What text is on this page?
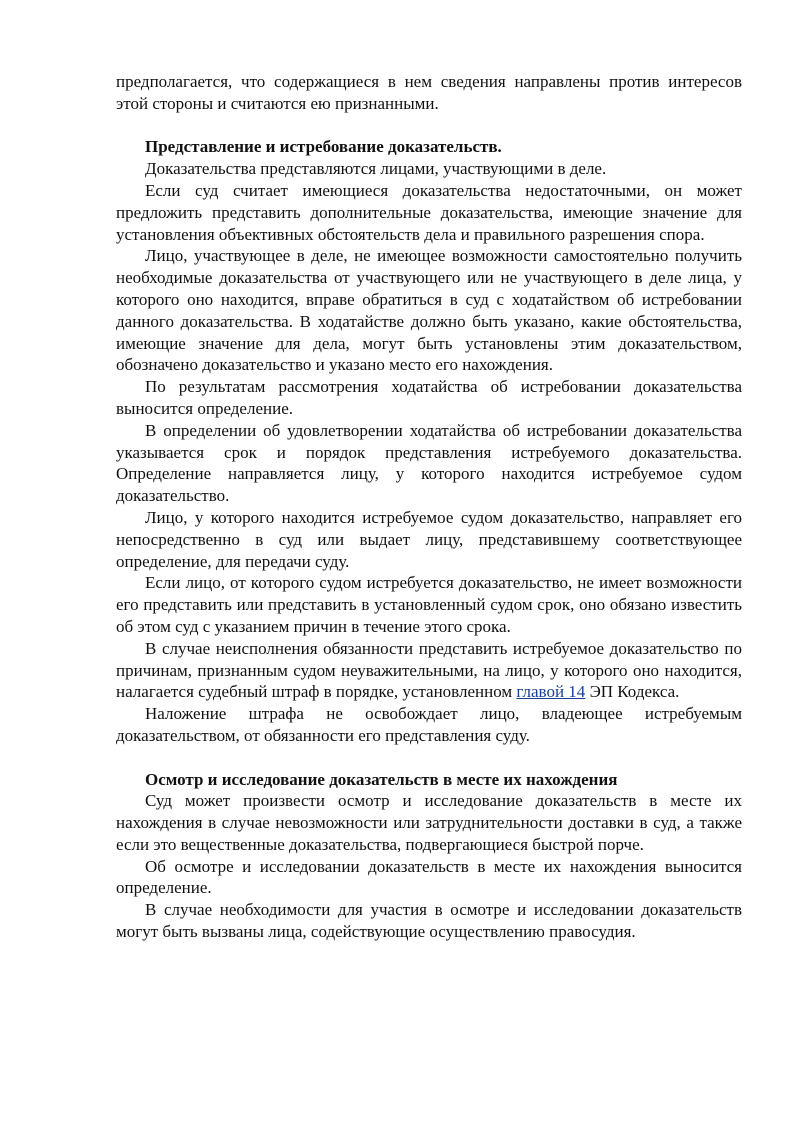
предполагается, что содержащиеся в нем сведения направлены против интересов этой стороны и считаются ею признанными.

Представление и истребование доказательств.

Доказательства представляются лицами, участвующими в деле.

Если суд считает имеющиеся доказательства недостаточными, он может предложить представить дополнительные доказательства, имеющие значение для установления объективных обстоятельств дела и правильного разрешения спора.

Лицо, участвующее в деле, не имеющее возможности самостоятельно получить необходимые доказательства от участвующего или не участвующего в деле лица, у которого оно находится, вправе обратиться в суд с ходатайством об истребовании данного доказательства. В ходатайстве должно быть указано, какие обстоятельства, имеющие значение для дела, могут быть установлены этим доказательством, обозначено доказательство и указано место его нахождения.

По результатам рассмотрения ходатайства об истребовании доказательства выносится определение.

В определении об удовлетворении ходатайства об истребовании доказательства указывается срок и порядок представления истребуемого доказательства. Определение направляется лицу, у которого находится истребуемое судом доказательство.

Лицо, у которого находится истребуемое судом доказательство, направляет его непосредственно в суд или выдает лицу, представившему соответствующее определение, для передачи суду.

Если лицо, от которого судом истребуется доказательство, не имеет возможности его представить или представить в установленный судом срок, оно обязано известить об этом суд с указанием причин в течение этого срока.

В случае неисполнения обязанности представить истребуемое доказательство по причинам, признанным судом неуважительными, на лицо, у которого оно находится, налагается судебный штраф в порядке, установленном главой 14 ЭП Кодекса.

Наложение штрафа не освобождает лицо, владеющее истребуемым доказательством, от обязанности его представления суду.

Осмотр и исследование доказательств в месте их нахождения

Суд может произвести осмотр и исследование доказательств в месте их нахождения в случае невозможности или затруднительности доставки в суд, а также если это вещественные доказательства, подвергающиеся быстрой порче.

Об осмотре и исследовании доказательств в месте их нахождения выносится определение.

В случае необходимости для участия в осмотре и исследовании доказательств могут быть вызваны лица, содействующие осуществлению правосудия.
